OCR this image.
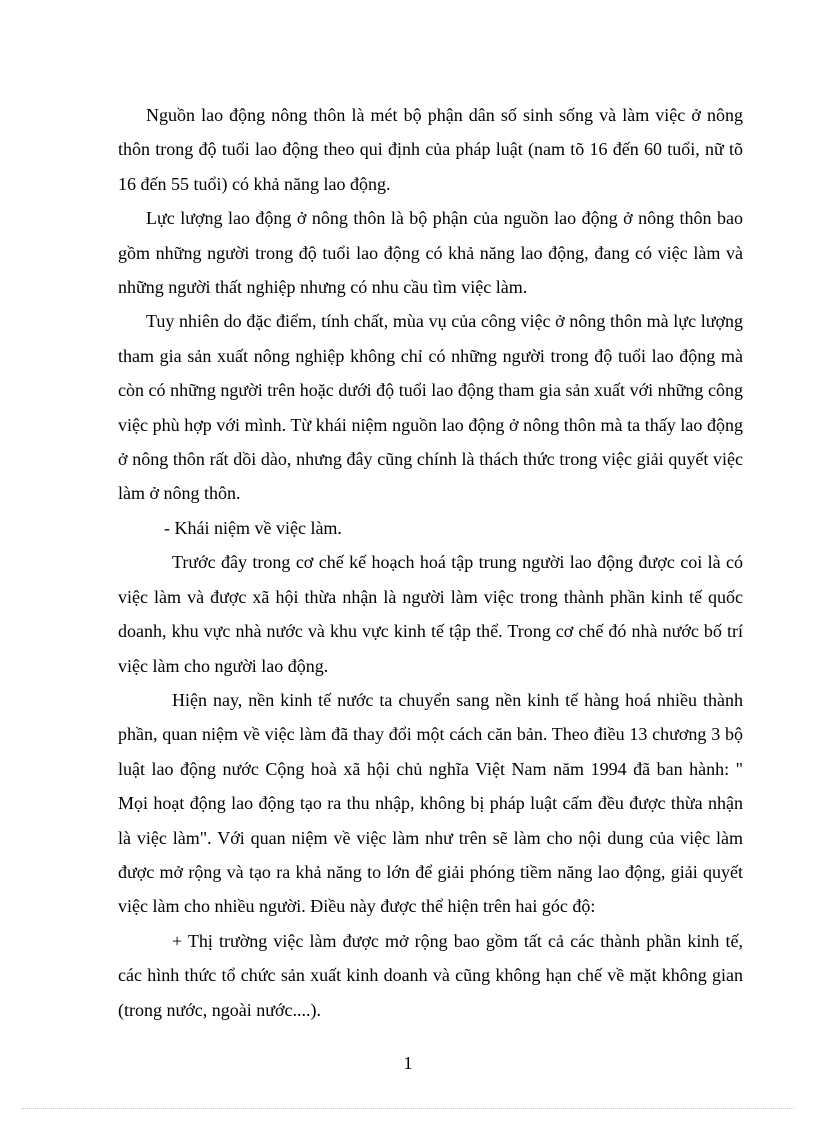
Nguồn lao động nông thôn là mét bộ phận dân số sinh sống và làm việc ở nông thôn trong độ tuổi lao động theo qui định của pháp luật (nam tõ 16 đến 60 tuổi, nữ tõ 16 đến 55 tuổi) có khả năng lao động.

Lực lượng lao động ở nông thôn là bộ phận của nguồn lao động ở nông thôn bao gồm những người trong độ tuổi lao động có khả năng lao động, đang có việc làm và những người thất nghiệp nhưng có nhu cầu tìm việc làm.

Tuy nhiên do đặc điểm, tính chất, mùa vụ của công việc ở nông thôn mà lực lượng tham gia sản xuất nông nghiệp không chỉ có những người trong độ tuổi lao động mà còn có những người trên hoặc dưới độ tuổi lao động tham gia sản xuất với những công việc phù hợp với mình. Từ khái niệm nguồn lao động ở nông thôn mà ta thấy lao động ở nông thôn rất dồi dào, nhưng đây cũng chính là thách thức trong việc giải quyết việc làm ở nông thôn.

- Khái niệm về việc làm.

Trước đây trong cơ chế kế hoạch hoá tập trung người lao động được coi là có việc làm và được xã hội thừa nhận là người làm việc trong thành phần kinh tế quốc doanh, khu vực nhà nước và khu vực kinh tế tập thể. Trong cơ chế đó nhà nước bố trí việc làm cho người lao động.

Hiện nay, nền kinh tế nước ta chuyển sang nền kinh tế hàng hoá nhiều thành phần, quan niệm về việc làm đã thay đổi một cách căn bản. Theo điều 13 chương 3 bộ luật lao động nước Cộng hoà xã hội chủ nghĩa Việt Nam năm 1994 đã ban hành: " Mọi hoạt động lao động tạo ra thu nhập, không bị pháp luật cấm đều được thừa nhận là việc làm". Với quan niệm về việc làm như trên sẽ làm cho nội dung của việc làm được mở rộng và tạo ra khả năng to lớn để giải phóng tiềm năng lao động, giải quyết việc làm cho nhiều người. Điều này được thể hiện trên hai góc độ:

+ Thị trường việc làm được mở rộng bao gồm tất cả các thành phần kinh tế, các hình thức tổ chức sản xuất kinh doanh và cũng không hạn chế về mặt không gian (trong nước, ngoài nước....).

1
